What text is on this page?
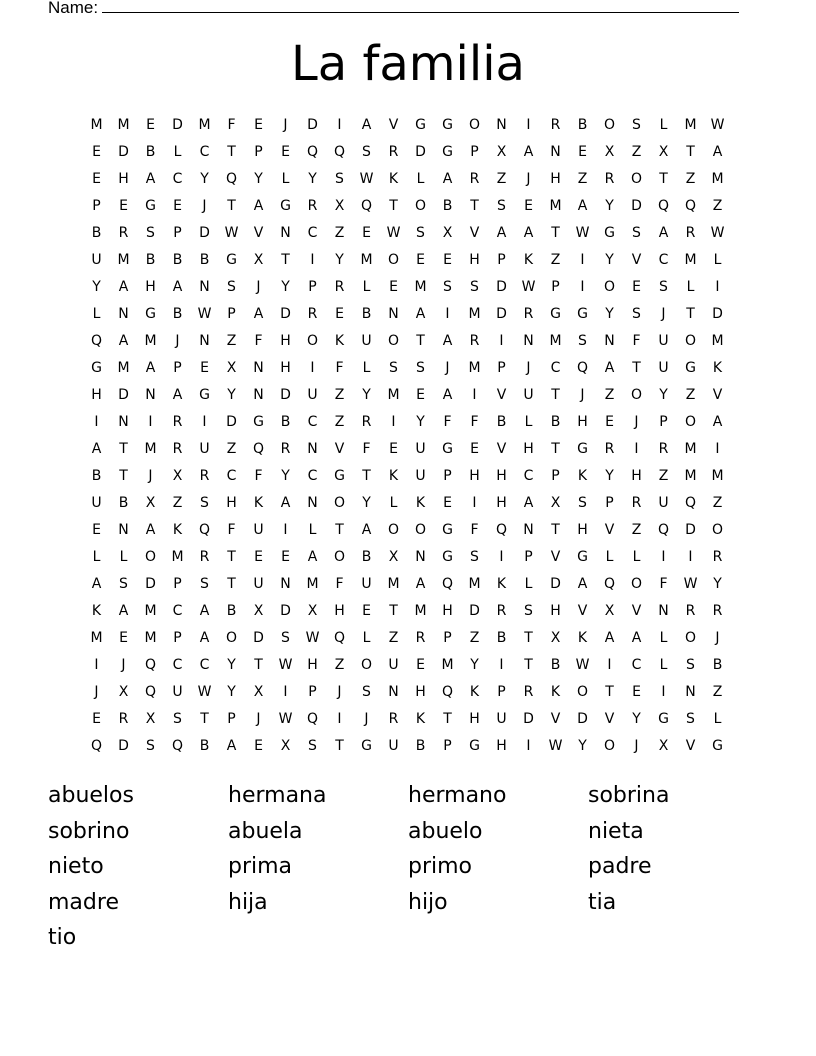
Name:
La familia
M	M	E	D	M	F	E	J	D	I	A	V	G	G	O	N	I	R	B	O	S	L	M	W
E	D	B	L	C	T	P	E	Q	Q	S	R	D	G	P	X	A	N	E	X	Z	X	T	A
E	H	A	C	Y	Q	Y	L	Y	S	W	K	L	A	R	Z	J	H	Z	R	O	T	Z	M
P	E	G	E	J	T	A	G	R	X	Q	T	O	B	T	S	E	M	A	Y	D	Q	Q	Z
B	R	S	P	D	W	V	N	C	Z	E	W	S	X	V	A	A	T	W	G	S	A	R	W
U	M	B	B	B	G	X	T	I	Y	M	O	E	E	H	P	K	Z	I	Y	V	C	M	L
Y	A	H	A	N	S	J	Y	P	R	L	E	M	S	S	D	W	P	I	O	E	S	L	I
L	N	G	B	W	P	A	D	R	E	B	N	A	I	M	D	R	G	G	Y	S	J	T	D
Q	A	M	J	N	Z	F	H	O	K	U	O	T	A	R	I	N	M	S	N	F	U	O	M
G	M	A	P	E	X	N	H	I	F	L	S	S	J	M	P	J	C	Q	A	T	U	G	K
H	D	N	A	G	Y	N	D	U	Z	Y	M	E	A	I	V	U	T	J	Z	O	Y	Z	V
I	N	I	R	I	D	G	B	C	Z	R	I	Y	F	F	B	L	B	H	E	J	P	O	A
A	T	M	R	U	Z	Q	R	N	V	F	E	U	G	E	V	H	T	G	R	I	R	M	I
B	T	J	X	R	C	F	Y	C	G	T	K	U	P	H	H	C	P	K	Y	H	Z	M	M
U	B	X	Z	S	H	K	A	N	O	Y	L	K	E	I	H	A	X	S	P	R	U	Q	Z
E	N	A	K	Q	F	U	I	L	T	A	O	O	G	F	Q	N	T	H	V	Z	Q	D	O
L	L	O	M	R	T	E	E	A	O	B	X	N	G	S	I	P	V	G	L	L	I	I	R
A	S	D	P	S	T	U	N	M	F	U	M	A	Q	M	K	L	D	A	Q	O	F	W	Y
K	A	M	C	A	B	X	D	X	H	E	T	M	H	D	R	S	H	V	X	V	N	R	R
M	E	M	P	A	O	D	S	W	Q	L	Z	R	P	Z	B	T	X	K	A	A	L	O	J
I	J	Q	C	C	Y	T	W	H	Z	O	U	E	M	Y	I	T	B	W	I	C	L	S	B
J	X	Q	U	W	Y	X	I	P	J	S	N	H	Q	K	P	R	K	O	T	E	I	N	Z
E	R	X	S	T	P	J	W	Q	I	J	R	K	T	H	U	D	V	D	V	Y	G	S	L
Q	D	S	Q	B	A	E	X	S	T	G	U	B	P	G	H	I	W	Y	O	J	X	V	G
abuelos	hermana	hermano	sobrina
sobrino	abuela	abuelo	nieta
nieto	prima	primo	padre
madre	hija	hijo	tia
tio
